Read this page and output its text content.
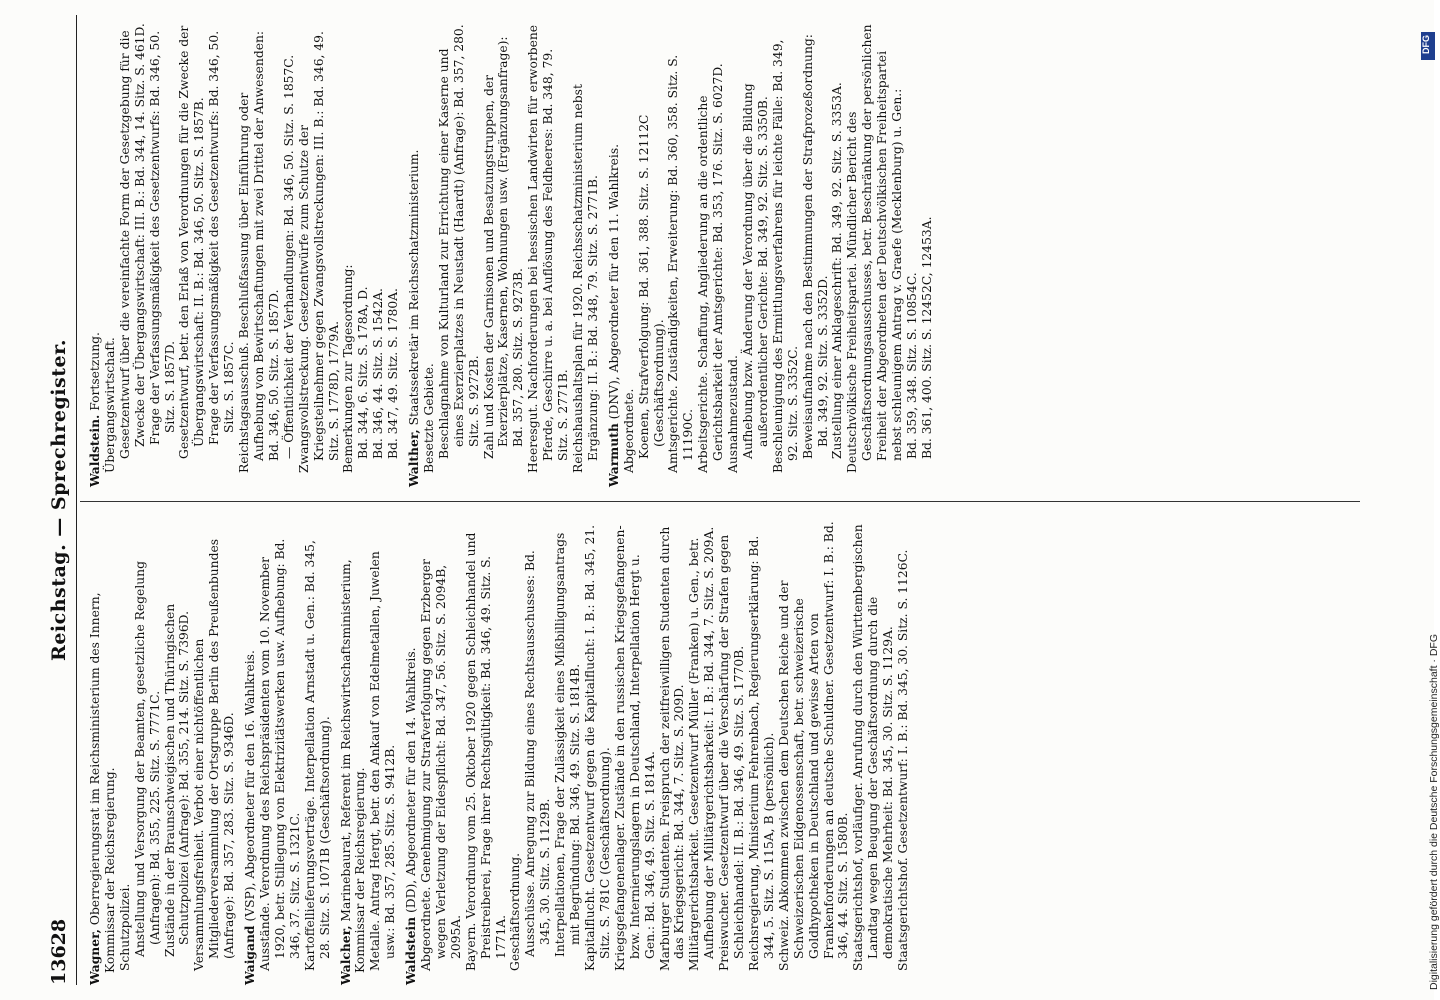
13628
Reichstag. — Sprechregister.
Wagner, Oberregierungsrat im Reichsministerium des Innern, Kommissar der Reichsregierung. Schutzpolizei. Anstellung und Versorgung der Beamten, gesetzliche Regelung (Anfragen): Bd. 355, 225. Sitz. S. 7771C. Zustände in der Braunschweigischen und Thüringischen Schutzpolizei (Anfrage): Bd. 355, 214. Sitz. S. 7396D. Versammlungsfreiheit. Verbot einer nichtöffentlichen Mitgliederversammlung der Ortsgruppe Berlin des Preußenbundes (Anfrage): Bd. 357, 283. Sitz. S. 9346D. Waigand (VSP), Abgeordneter für den 16. Wahlkreis. Ausstände. Verordnung des Reichspräsidenten vom 10. November 1920, betr. Stillegung von Elektrizitätswerken usw. Aufhebung: Bd. 346, 37. Sitz. S. 1321C. Kartoffellieferungsverträge. Interpellation Arnstadt u. Gen.: Bd. 345, 28. Sitz. S. 1071B (Geschäftsordnung). Walcher, Marinebaurat, Referent im Reichswirtschaftsministerium, Kommissar der Reichsregierung. Metalle. Antrag Hergt, betr. den Ankauf von Edelmetallen, Juwelen usw.: Bd. 357, 285. Sitz. S. 9412B. Waldstein (DD), Abgeordneter für den 14. Wahlkreis. Abgeordnete. Genehmigung zur Strafverfolgung gegen Erzberger wegen Verletzung der Eidespflicht: Bd. 347, 56. Sitz. S. 2094B, 2095A. Bayern. Verordnung vom 25. Oktober 1920 gegen Schleichhandel und Preistreiberei, Frage ihrer Rechtsgültigkeit: Bd. 346, 49. Sitz. S. 1771A. Geschäftsordnung. Ausschüsse. Anregung zur Bildung eines Rechtsausschusses: Bd. 345, 30. Sitz. S. 1129B. Interpellationen, Frage der Zulässigkeit eines Mißbilligungsantrags mit Begründung: Bd. 346, 49. Sitz. S. 1814B. Kapitalflucht. Gesetzentwurf gegen die Kapitalflucht: I. B.: Bd. 345, 21. Sitz. S. 781C (Geschäftsordnung). Kriegsgefangenenlager. Zustände in den russischen Kriegsgefangenen- bzw. Internierungslagern in Deutschland, Interpellation Hergt u. Gen.: Bd. 346, 49. Sitz. S. 1814A. Marburger Studenten. Freispruch der zeitfreiwilligen Studenten durch das Kriegsgericht: Bd. 344, 7. Sitz. S. 209D. Militärgerichtsbarkeit. Gesetzentwurf Müller (Franken) u. Gen., betr. Aufhebung der Militärgerichtsbarkeit: I. B.: Bd. 344, 7. Sitz. S. 209A. Preiswucher. Gesetzentwurf über die Verschärfung der Strafen gegen Schleichhandel: II. B.: Bd. 346, 49. Sitz. S. 1770B. Reichsregierung, Ministerium Fehrenbach, Regierungserklärung: Bd. 344, 5. Sitz. S. 115A, B (persönlich). Schweiz. Abkommen zwischen dem Deutschen Reiche und der Schweizerischen Eidgenossenschaft, betr. schweizerische Goldhypotheken in Deutschland und gewisse Arten von Frankenforderungen an deutsche Schuldner. Gesetzentwurf: I. B.: Bd. 346, 44. Sitz. S. 1580B. Staatsgerichtshof, vorläufiger. Anrufung durch den Württembergischen Landtag wegen Beugung der Geschäftsordnung durch die demokratische Mehrheit: Bd. 345, 30. Sitz. S. 1129A. Staatsgerichtshof. Gesetzentwurf: I. B.: Bd. 345, 30. Sitz. S. 1126C.
Waldstein. Fortsetzung. Übergangswirtschaft. Gesetzentwurf über die vereinfachte Form der Gesetzgebung für die Zwecke der Übergangswirtschaft: III. B.: Bd. 344, 14. Sitz. S. 461D. Frage der Verfassungsmäßigkeit des Gesetzentwurfs: Bd. 346, 50. Sitz. S. 1857D. Gesetzentwurf, betr. den Erlaß von Verordnungen für die Zwecke der Übergangswirtschaft: II. B.: Bd. 346, 50. Sitz. S. 1857B. Frage der Verfassungsmäßigkeit des Gesetzentwurfs: Bd. 346, 50. Sitz. S. 1857C. Reichstagsausschuß. Beschlußfassung über Einführung oder Aufhebung von Bewirtschaftungen mit zwei Drittel der Anwesenden: Bd. 346, 50. Sitz. S. 1857D. — Öffentlichkeit der Verhandlungen: Bd. 346, 50. Sitz. S. 1857C. Zwangsvollstreckung. Gesetzentwürfe zum Schutze der Kriegsteilnehmer gegen Zwangsvollstreckungen: III. B.: Bd. 346, 49. Sitz. S. 1778D, 1779A. Bemerkungen zur Tagesordnung: Bd. 344, 6. Sitz. S. 178A, D. Bd. 346, 44. Sitz. S. 1542A. Bd. 347, 49. Sitz. S. 1780A. Walther, Staatssekretär im Reichsschatzministerium. Besetzte Gebiete. Beschlagnahme von Kulturland zur Errichtung einer Kaserne und eines Exerzierplatzes in Neustadt (Haardt) (Anfrage): Bd. 357, 280. Sitz. S. 9272B. Zahl und Kosten der Garnisonen und Besatzungstruppen, der Exerzierplätze, Kasernen, Wohnungen usw. (Ergänzungsanfrage): Bd. 357, 280. Sitz. S. 9273B. Heeresgut. Nachforderungen bei hessischen Landwirten für erworbene Pferde, Geschirre u. a. bei Auflösung des Feldheeres: Bd. 348, 79. Sitz. S. 2771B. Reichshaushaltsplan für 1920. Reichsschatzministerium nebst Ergänzung: II. B.: Bd. 348, 79. Sitz. S. 2771B. Warmuth (DNV), Abgeordneter für den 11. Wahlkreis.
Abgeordnete. Koenen, Strafverfolgung: Bd. 361, 388. Sitz. S. 12112C (Geschäftsordnung). Amtsgerichte. Zuständigkeiten, Erweiterung: Bd. 360, 358. Sitz. S. 11190C. Arbeitsgerichte. Schaffung, Angliederung an die ordentliche Gerichtsbarkeit der Amtsgerichte: Bd. 353, 176. Sitz. S. 6027D. Ausnahmezustand. Aufhebung bzw. Änderung der Verordnung über die Bildung außerordentlicher Gerichte: Bd. 349, 92. Sitz. S. 3350B. Beschleunigung des Ermittlungsverfahrens für leichte Fälle: Bd. 349, 92. Sitz. S. 3352C. Beweisaufnahme nach den Bestimmungen der Strafprozeßordnung: Bd. 349, 92. Sitz. S. 3352D. Zustellung einer Anklageschrift: Bd. 349, 92. Sitz. S. 3353A. Deutschvölkische Freiheitspartei. Mündlicher Bericht des Geschäftsordnungsausschusses, betr. Beschränkung der persönlichen Freiheit der Abgeordneten der Deutschvölkischen Freiheitspartei nebst schleunigem Antrag v. Graefe (Mecklenburg) u. Gen.: Bd. 359, 348. Sitz. S. 10854C. Bd. 361, 400. Sitz. S. 12452C, 12453A.
Digitalisierung gefördert durch die Deutsche Forschungsgemeinschaft · DFG
DFG
